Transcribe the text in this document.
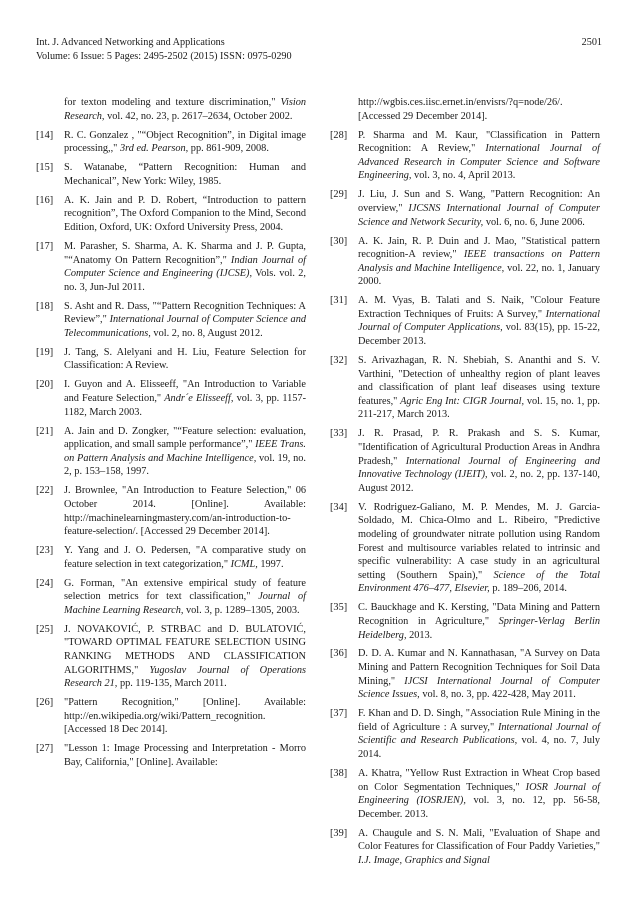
Int. J. Advanced Networking and Applications
Volume: 6 Issue: 5 Pages: 2495-2502 (2015) ISSN: 0975-0290
2501
for texton modeling and texture discrimination," Vision Research, vol. 42, no. 23, p. 2617–2634, October 2002.
[14] R. C. Gonzalez , "“Object Recognition”, in Digital image processing,," 3rd ed. Pearson, pp. 861-909, 2008.
[15] S. Watanabe, “Pattern Recognition: Human and Mechanical”, New York: Wiley, 1985.
[16] A. K. Jain and P. D. Robert, “Introduction to pattern recognition”, The Oxford Companion to the Mind, Second Edition, Oxford, UK: Oxford University Press, 2004.
[17] M. Parasher, S. Sharma, A. K. Sharma and J. P. Gupta, "“Anatomy On Pattern Recognition”," Indian Journal of Computer Science and Engineering (IJCSE), Vols. vol. 2, no. 3, Jun-Jul 2011.
[18] S. Asht and R. Dass, "“Pattern Recognition Techniques: A Review”," International Journal of Computer Science and Telecommunications, vol. 2, no. 8, August 2012.
[19] J. Tang, S. Alelyani and H. Liu, Feature Selection for Classification: A Review.
[20] I. Guyon and A. Elisseeff, "An Introduction to Variable and Feature Selection," Andr´e Elisseeff, vol. 3, pp. 1157-1182, March 2003.
[21] A. Jain and D. Zongker, "“Feature selection: evaluation, application, and small sample performance”," IEEE Trans. on Pattern Analysis and Machine Intelligence, vol. 19, no. 2, p. 153–158, 1997.
[22] J. Brownlee, "An Introduction to Feature Selection," 06 October 2014. [Online]. Available: http://machinelearningmastery.com/an-introduction-to-feature-selection/. [Accessed 29 December 2014].
[23] Y. Yang and J. O. Pedersen, "A comparative study on feature selection in text categorization," ICML, 1997.
[24] G. Forman, "An extensive empirical study of feature selection metrics for text classification," Journal of Machine Learning Research, vol. 3, p. 1289–1305, 2003.
[25] J. NOVAKOVIĆ, P. STRBAC and D. BULATOVIĆ, "TOWARD OPTIMAL FEATURE SELECTION USING RANKING METHODS AND CLASSIFICATION ALGORITHMS," Yugoslav Journal of Operations Research 21, pp. 119-135, March 2011.
[26] "Pattern Recognition," [Online]. Available: http://en.wikipedia.org/wiki/Pattern_recognition. [Accessed 18 Dec 2014].
[27] "Lesson 1: Image Processing and Interpretation - Morro Bay, California," [Online]. Available:
http://wgbis.ces.iisc.ernet.in/envisrs/?q=node/26/. [Accessed 29 December 2014].
[28] P. Sharma and M. Kaur, "Classification in Pattern Recognition: A Review," International Journal of Advanced Research in Computer Science and Software Engineering, vol. 3, no. 4, April 2013.
[29] J. Liu, J. Sun and S. Wang, "Pattern Recognition: An overview," IJCSNS International Journal of Computer Science and Network Security, vol. 6, no. 6, June 2006.
[30] A. K. Jain, R. P. Duin and J. Mao, "Statistical pattern recognition-A review," IEEE transactions on Pattern Analysis and Machine Intelligence, vol. 22, no. 1, January 2000.
[31] A. M. Vyas, B. Talati and S. Naik, "Colour Feature Extraction Techniques of Fruits: A Survey," International Journal of Computer Applications, vol. 83(15), pp. 15-22, December 2013.
[32] S. Arivazhagan, R. N. Shebiah, S. Ananthi and S. V. Varthini, "Detection of unhealthy region of plant leaves and classification of plant leaf diseases using texture features," Agric Eng Int: CIGR Journal, vol. 15, no. 1, pp. 211-217, March 2013.
[33] J. R. Prasad, P. R. Prakash and S. S. Kumar, "Identification of Agricultural Production Areas in Andhra Pradesh," International Journal of Engineering and Innovative Technology (IJEIT), vol. 2, no. 2, pp. 137-140, August 2012.
[34] V. Rodriguez-Galiano, M. P. Mendes, M. J. Garcia-Soldado, M. Chica-Olmo and L. Ribeiro, "Predictive modeling of groundwater nitrate pollution using Random Forest and multisource variables related to intrinsic and specific vulnerability: A case study in an agricultural setting (Southern Spain)," Science of the Total Environment 476–477, Elsevier, p. 189–206, 2014.
[35] C. Bauckhage and K. Kersting, "Data Mining and Pattern Recognition in Agriculture," Springer-Verlag Berlin Heidelberg, 2013.
[36] D. D. A. Kumar and N. Kannathasan, "A Survey on Data Mining and Pattern Recognition Techniques for Soil Data Mining," IJCSI International Journal of Computer Science Issues, vol. 8, no. 3, pp. 422-428, May 2011.
[37] F. Khan and D. D. Singh, "Association Rule Mining in the field of Agriculture : A survey," International Journal of Scientific and Research Publications, vol. 4, no. 7, July 2014.
[38] A. Khatra, "Yellow Rust Extraction in Wheat Crop based on Color Segmentation Techniques," IOSR Journal of Engineering (IOSRJEN), vol. 3, no. 12, pp. 56-58, December. 2013.
[39] A. Chaugule and S. N. Mali, "Evaluation of Shape and Color Features for Classification of Four Paddy Varieties," I.J. Image, Graphics and Signal
